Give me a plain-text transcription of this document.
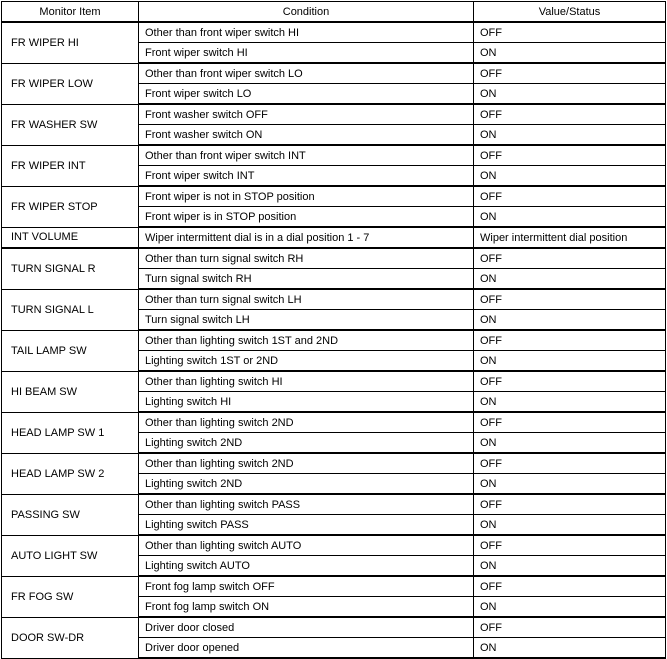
Monitor Item	Condition	Value/Status
FR WIPER HI	Other than front wiper switch HI	OFF
	Front wiper switch HI	ON
FR WIPER LOW	Other than front wiper switch LO	OFF
	Front wiper switch LO	ON
FR WASHER SW	Front washer switch OFF	OFF
	Front washer switch ON	ON
FR WIPER INT	Other than front wiper switch INT	OFF
	Front wiper switch INT	ON
FR WIPER STOP	Front wiper is not in STOP position	OFF
	Front wiper is in STOP position	ON
INT VOLUME	Wiper intermittent dial is in a dial position 1 - 7	Wiper intermittent dial position
TURN SIGNAL R	Other than turn signal switch RH	OFF
	Turn signal switch RH	ON
TURN SIGNAL L	Other than turn signal switch LH	OFF
	Turn signal switch LH	ON
TAIL LAMP SW	Other than lighting switch 1ST and 2ND	OFF
	Lighting switch 1ST or 2ND	ON
HI BEAM SW	Other than lighting switch HI	OFF
	Lighting switch HI	ON
HEAD LAMP SW 1	Other than lighting switch 2ND	OFF
	Lighting switch 2ND	ON
HEAD LAMP SW 2	Other than lighting switch 2ND	OFF
	Lighting switch 2ND	ON
PASSING SW	Other than lighting switch PASS	OFF
	Lighting switch PASS	ON
AUTO LIGHT SW	Other than lighting switch AUTO	OFF
	Lighting switch AUTO	ON
FR FOG SW	Front fog lamp switch OFF	OFF
	Front fog lamp switch ON	ON
DOOR SW-DR	Driver door closed	OFF
	Driver door opened	ON
